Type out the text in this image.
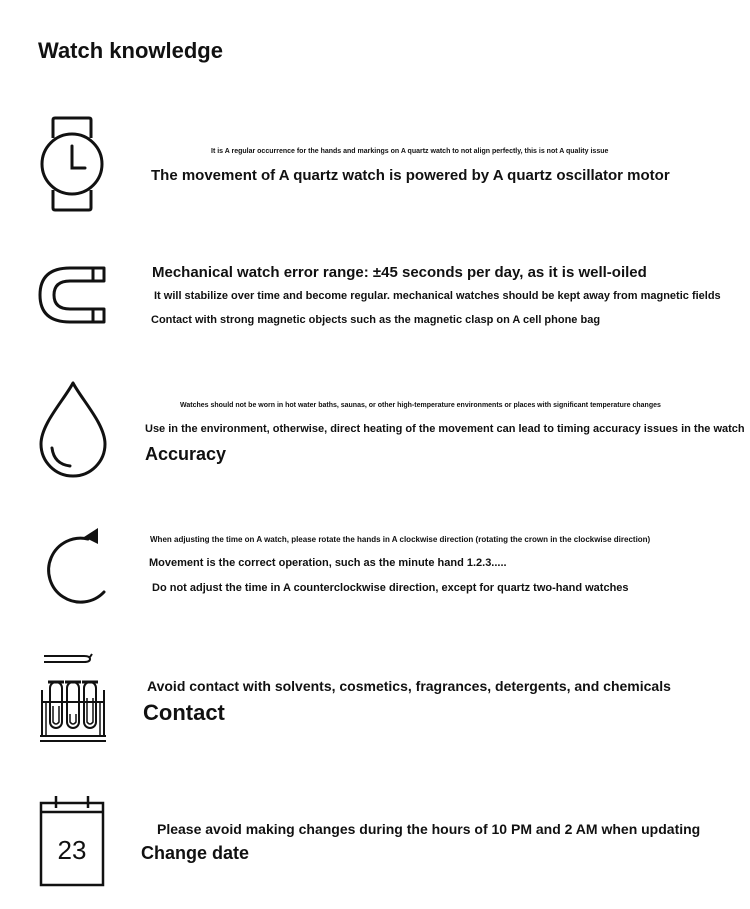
Watch knowledge
It is A regular occurrence for the hands and markings on A quartz watch to not align perfectly, this is not A quality issue
The movement of A quartz watch is powered by A quartz oscillator motor
Mechanical watch error range: ±45 seconds per day, as it is well-oiled
It will stabilize over time and become regular. mechanical watches should be kept away from magnetic fields
Contact with strong magnetic objects such as the magnetic clasp on A cell phone bag
Watches should not be worn in hot water baths, saunas, or other high-temperature environments or places with significant temperature changes
Use in the environment, otherwise, direct heating of the movement can lead to timing accuracy issues in the watch
Accuracy
When adjusting the time on A watch, please rotate the hands in A clockwise direction (rotating the crown in the clockwise direction)
Movement is the correct operation, such as the minute hand 1.2.3.....
Do not adjust the time in A counterclockwise direction, except for quartz two-hand watches
Avoid contact with solvents, cosmetics, fragrances, detergents, and chemicals
Contact
23
Please avoid making changes during the hours of 10 PM and 2 AM when updating
Change date
